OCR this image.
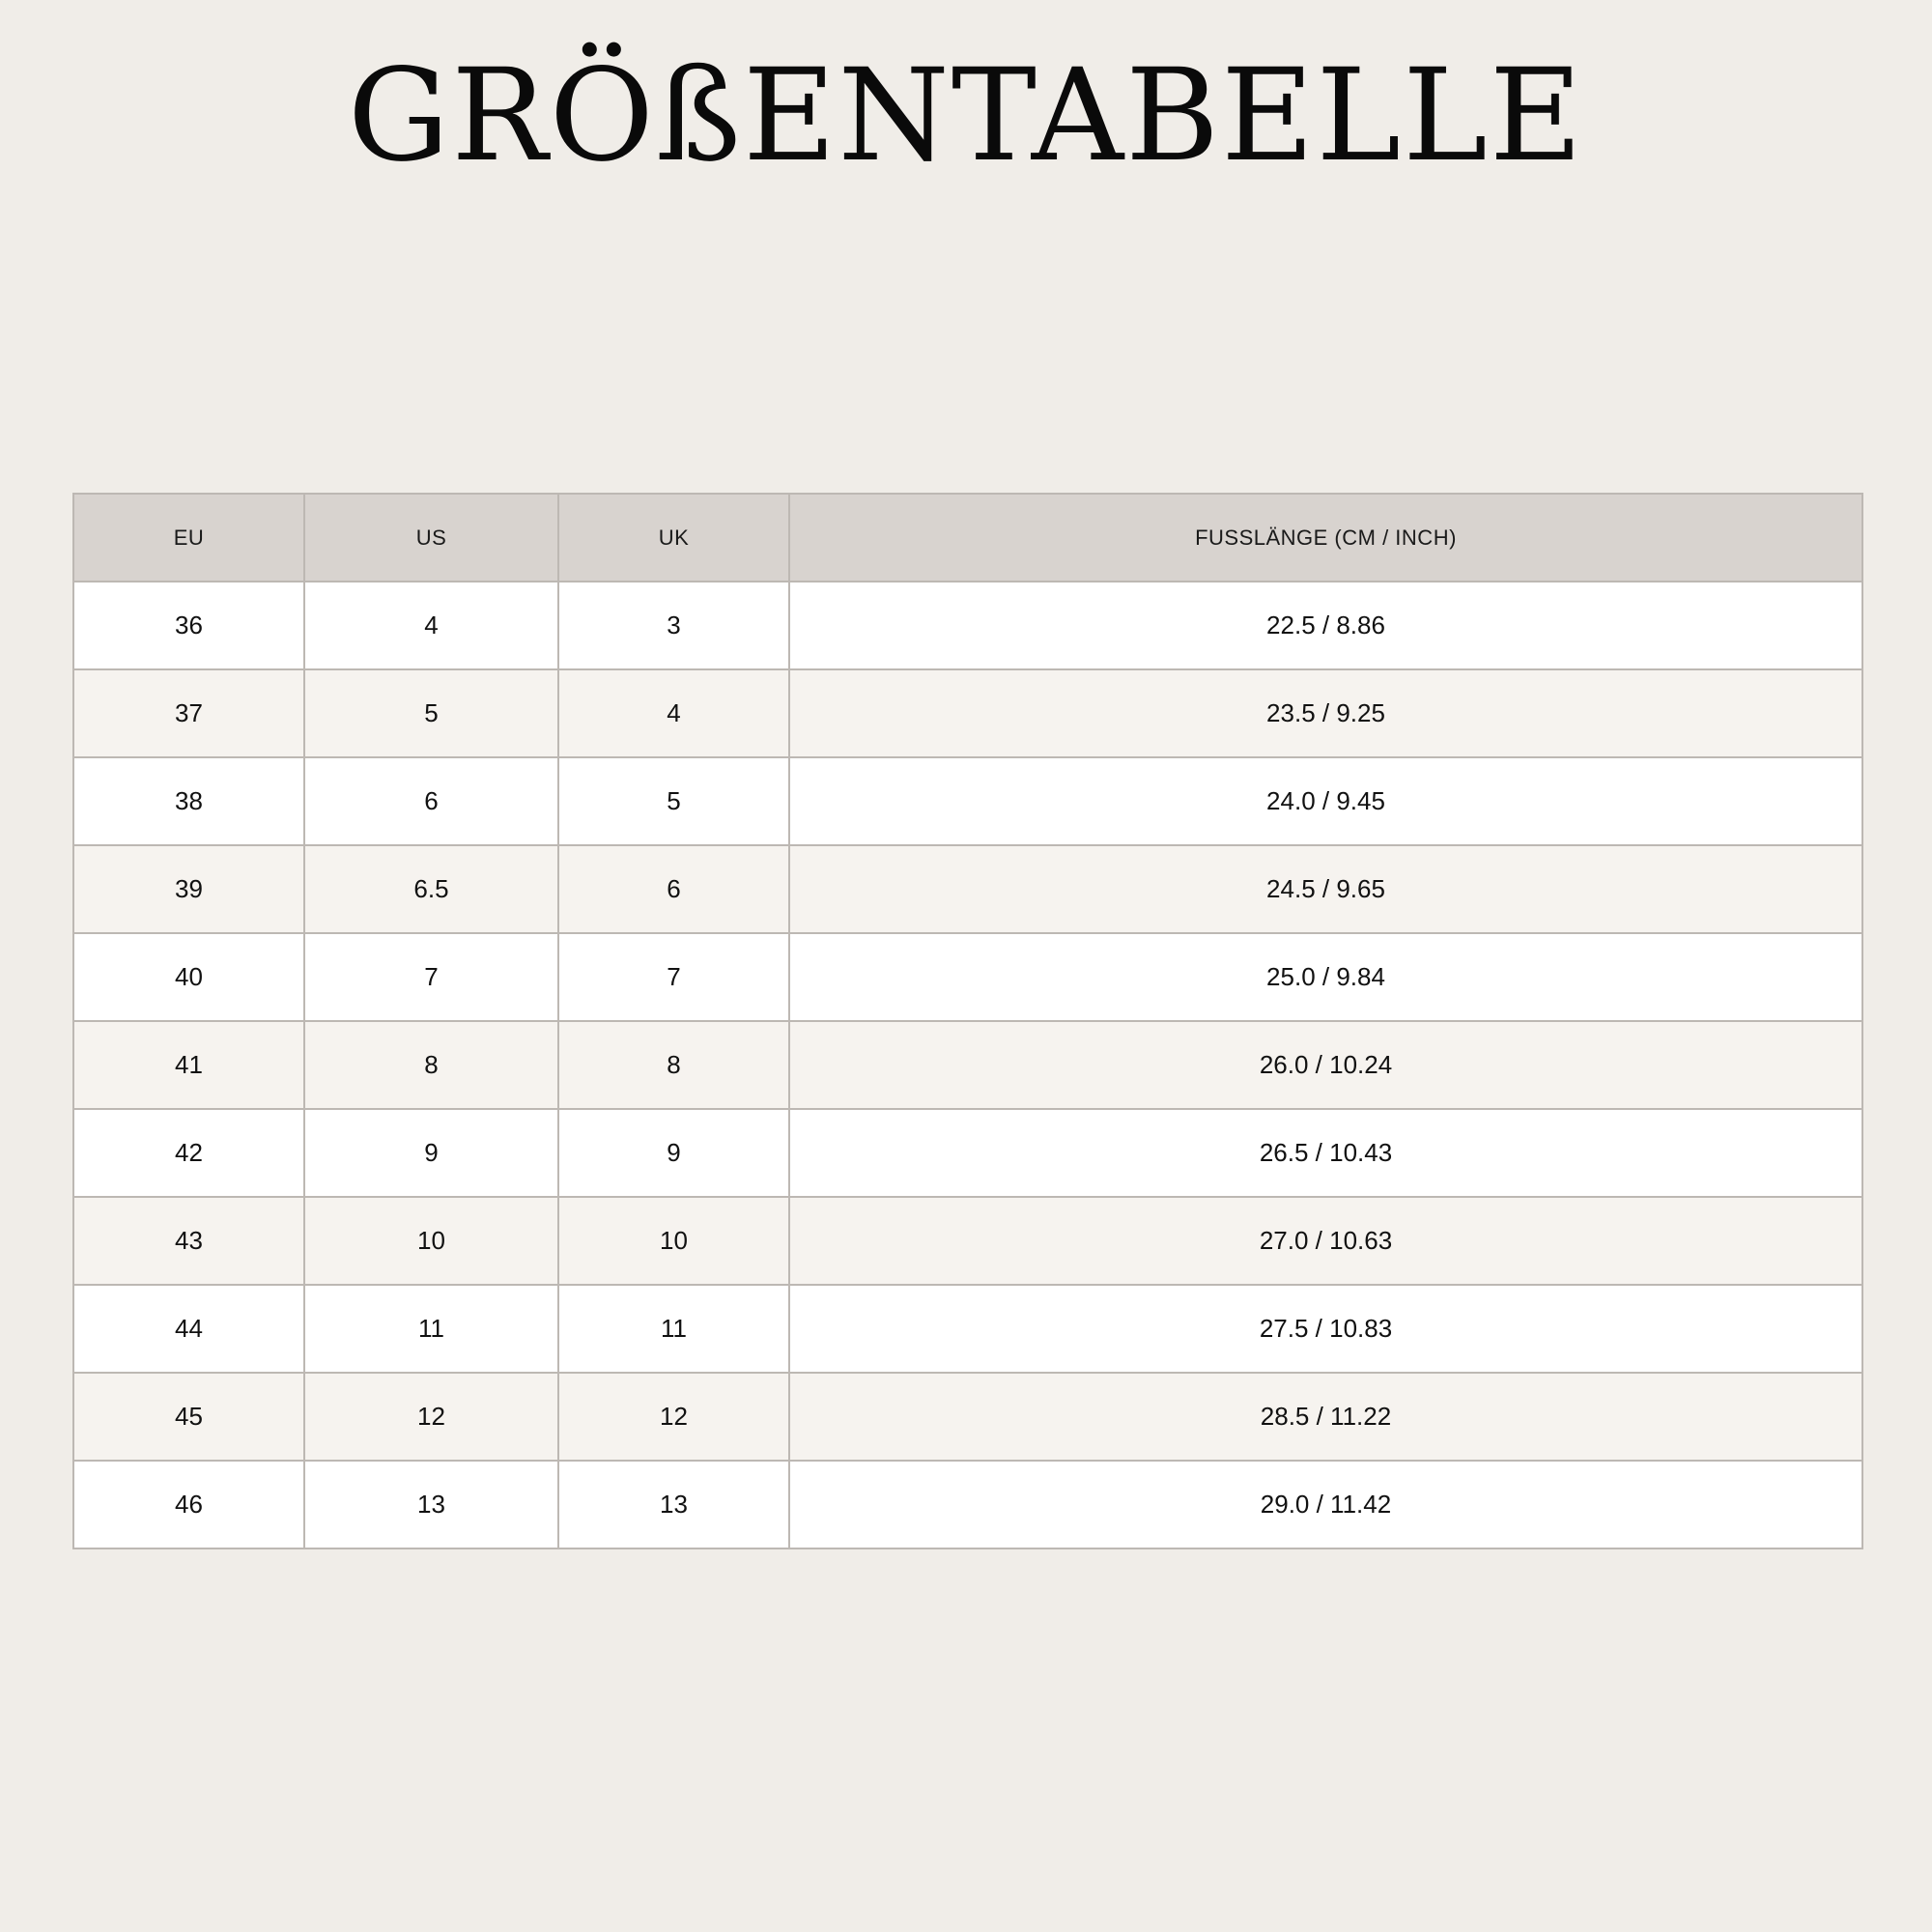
GRÖßENTABELLE
EU	US	UK	FUSSLÄNGE (CM / INCH)
36	4	3	22.5 / 8.86
37	5	4	23.5 / 9.25
38	6	5	24.0 / 9.45
39	6.5	6	24.5 / 9.65
40	7	7	25.0 / 9.84
41	8	8	26.0 / 10.24
42	9	9	26.5 / 10.43
43	10	10	27.0 / 10.63
44	11	11	27.5 / 10.83
45	12	12	28.5 / 11.22
46	13	13	29.0 / 11.42
